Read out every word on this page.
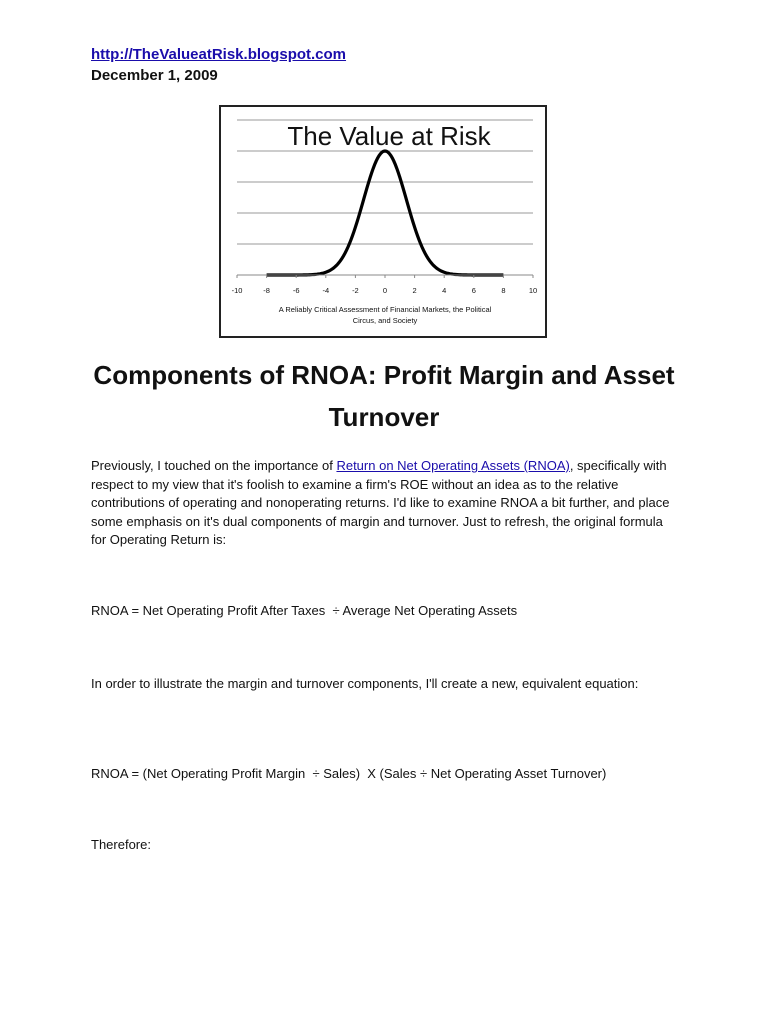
http://TheValueatRisk.blogspot.com
December 1, 2009
The Value at Risk
-10	-8	-6	-4	-2	0	2	4	6	8	10
A Reliably Critical Assessment of Financial Markets, the Political
Circus, and Society
Components of RNOA: Profit Margin and Asset
Turnover

Previously, I touched on the importance of Return on Net Operating Assets (RNOA), specifically with respect to my view that it's foolish to examine a firm's ROE without an idea as to the relative contributions of operating and nonoperating returns. I'd like to examine RNOA a bit further, and place some emphasis on it's dual components of margin and turnover. Just to refresh, the original formula for Operating Return is:

RNOA = Net Operating Profit After Taxes  ÷ Average Net Operating Assets

In order to illustrate the margin and turnover components, I'll create a new, equivalent equation:

RNOA = (Net Operating Profit Margin  ÷ Sales)  X (Sales ÷ Net Operating Asset Turnover)
Therefore:
